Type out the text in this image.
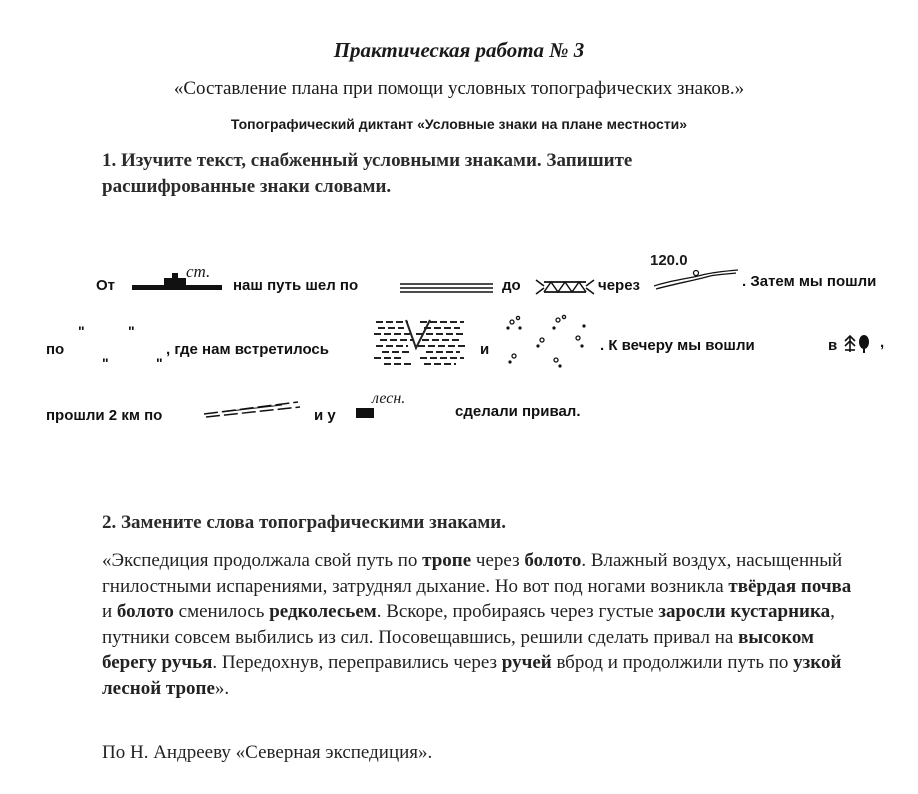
Практическая работа № 3
«Составление плана при помощи условных топографических знаков.»
Топографический диктант «Условные знаки на плане местности»
1. Изучите текст, снабженный условными знаками. Запишите
расшифрованные знаки словами.
От
ст.
наш путь шел по	до	через
120.0
. Затем мы пошли
по
"	"
"	"
, где нам встретилось	и	. К вечеру мы вошли	в	,
прошли 2 км по	и у
лесн.
сделали привал.
2. Замените слова топографическими знаками.
«Экспедиция продолжала свой путь по тропе через болото. Влажный воздух, насыщенный гнилостными испарениями, затруднял дыхание. Но вот под ногами возникла твёрдая почва и болото сменилось редколесьем. Вскоре, пробираясь через густые заросли кустарника, путники совсем выбились из сил. Посовещавшись, решили сделать привал на высоком берегу ручья. Передохнув, переправились через ручей вброд и продолжили путь по узкой лесной тропе».
По Н. Андрееву «Северная экспедиция».
